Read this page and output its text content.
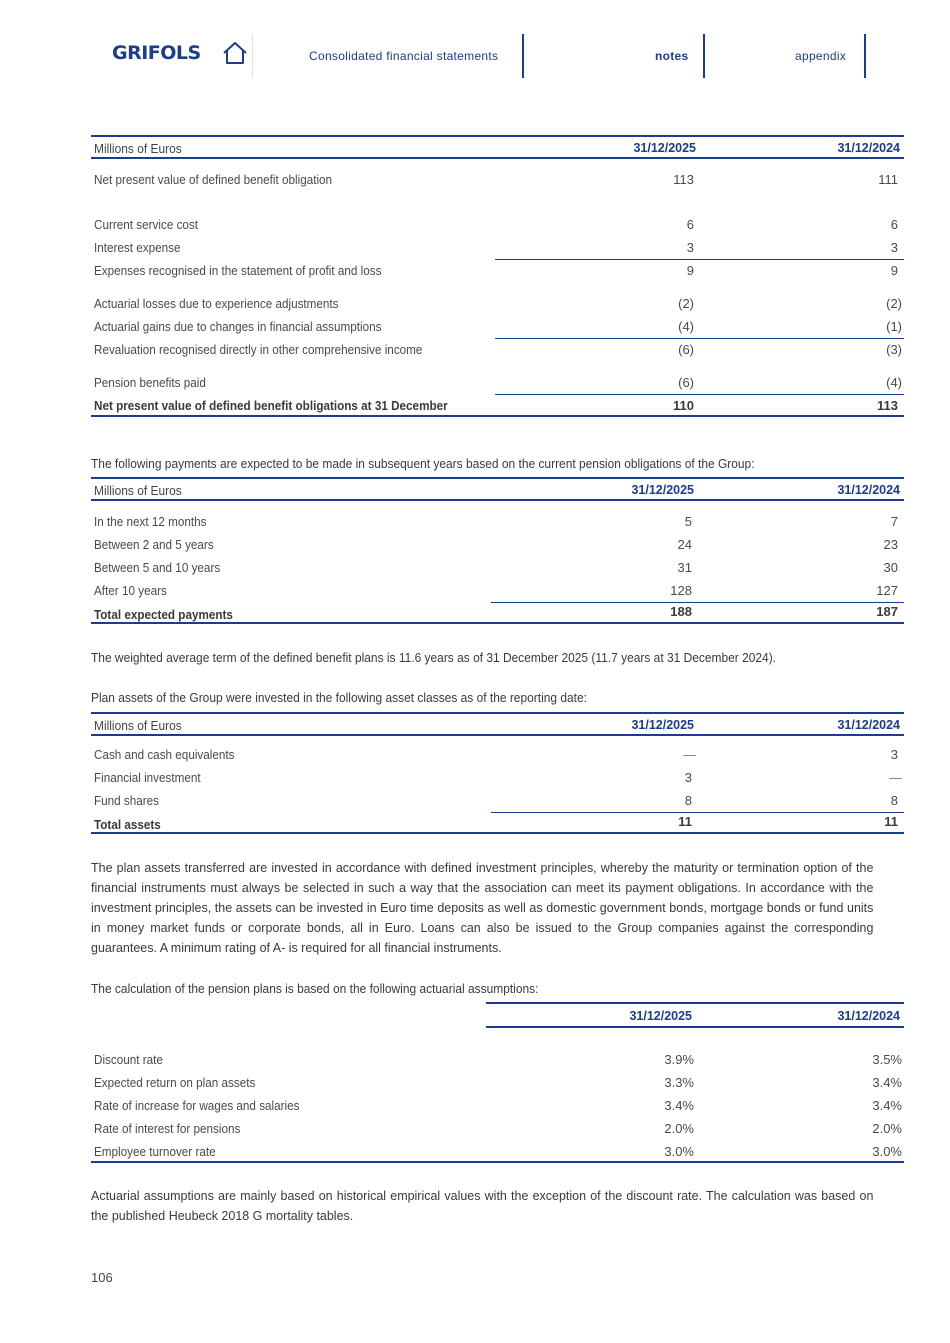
GRIFOLS	Consolidated financial statements	notes	appendix
Millions of Euros	31/12/2025	31/12/2024
Net present value of defined benefit obligation	113	111
Current service cost	6	6
Interest expense	3	3
Expenses recognised in the statement of profit and loss	9	9
Actuarial losses due to experience adjustments	(2)	(2)
Actuarial gains due to changes in financial assumptions	(4)	(1)
Revaluation recognised directly in other comprehensive income	(6)	(3)
Pension benefits paid	(6)	(4)
Net present value of defined benefit obligations at 31 December	110	113
The following payments are expected to be made in subsequent years based on the current pension obligations of the Group:
Millions of Euros	31/12/2025	31/12/2024
In the next 12 months	5	7
Between 2 and 5 years	24	23
Between 5 and 10 years	31	30
After 10 years	128	127
Total expected payments	188	187
The weighted average term of the defined benefit plans is 11.6 years as of 31 December 2025 (11.7 years at 31 December 2024).
Plan assets of the Group were invested in the following asset classes as of the reporting date:
Millions of Euros	31/12/2025	31/12/2024
Cash and cash equivalents	—	3
Financial investment	3	—
Fund shares	8	8
Total assets	11	11
The plan assets transferred are invested in accordance with defined investment principles, whereby the maturity or termination option of the financial instruments must always be selected in such a way that the association can meet its payment obligations. In accordance with the investment principles, the assets can be invested in Euro time deposits as well as domestic government bonds, mortgage bonds or fund units in money market funds or corporate bonds, all in Euro. Loans can also be issued to the Group companies against the corresponding guarantees. A minimum rating of A- is required for all financial instruments.
The calculation of the pension plans is based on the following actuarial assumptions:
31/12/2025	31/12/2024
Discount rate	3.9%	3.5%
Expected return on plan assets	3.3%	3.4%
Rate of increase for wages and salaries	3.4%	3.4%
Rate of interest for pensions	2.0%	2.0%
Employee turnover rate	3.0%	3.0%
Actuarial assumptions are mainly based on historical empirical values with the exception of the discount rate. The calculation was based on the published Heubeck 2018 G mortality tables.
106
